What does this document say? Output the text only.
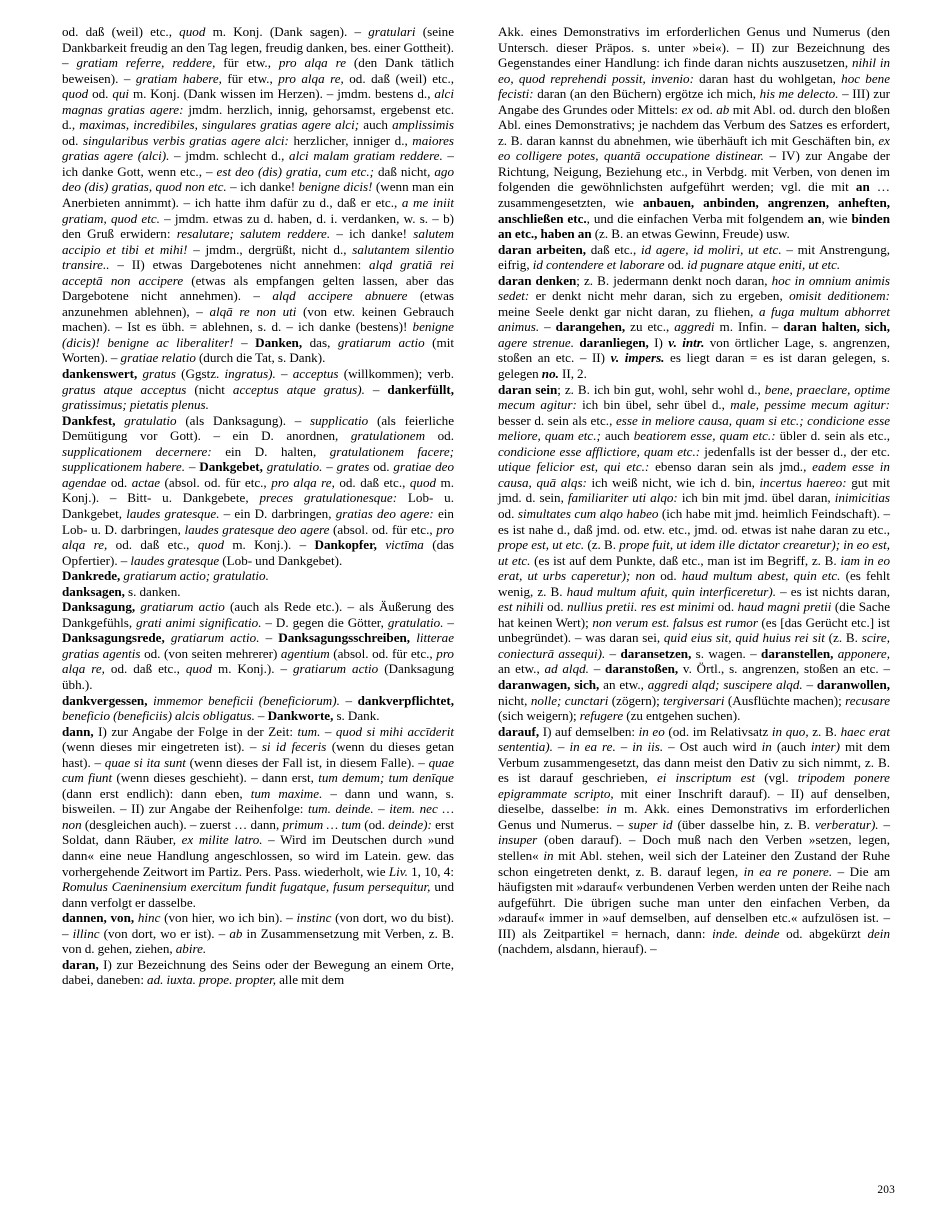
od. daß (weil) etc., quod m. Konj. (Dank sagen). – gratulari (seine Dankbarkeit freudig an den Tag legen, freudig danken, bes. einer Gottheit). – gratiam referre, reddere, für etw., pro alqa re (den Dank tätlich beweisen). – gratiam habere, für etw., pro alqa re, od. daß (weil) etc., quod od. qui m. Konj. (Dank wissen im Herzen). – jmdm. bestens d., alci magnas gratias agere: jmdm. herzlich, innig, gehorsamst, ergebenst etc. d., maximas, incredibiles, singulares gratias agere alci; auch amplissimis od. singularibus verbis gratias agere alci: herzlicher, inniger d., maiores gratias agere (alci). – jmdm. schlecht d., alci malam gratiam reddere. – ich danke Gott, wenn etc., – est deo (dis) gratia, cum etc.; daß nicht, ago deo (dis) gratias, quod non etc. – ich danke! benigne dicis! (wenn man ein Anerbieten annimmt). – ich hatte ihm dafür zu d., daß er etc., a me iniit gratiam, quod etc. – jmdm. etwas zu d. haben, d. i. verdanken, w. s. – b) den Gruß erwidern: resalutare; salutem reddere. – ich danke! salutem accipio et tibi et mihi! – jmdm., dergrüßt, nicht d., salutantem silentio transire.. – II) etwas Dargebotenes nicht annehmen: alqd gratiā rei acceptā non accipere (etwas als empfangen gelten lassen, aber das Dargebotene nicht annehmen). – alqd accipere abnuere (etwas anzunehmen ablehnen), – alqā re non uti (von etw. keinen Gebrauch machen). – Ist es übh. = ablehnen, s. d. – ich danke (bestens)! benigne (dicis)! benigne ac liberaliter! – Danken, das, gratiarum actio (mit Worten). – gratiae relatio (durch die Tat, s. Dank).

dankenswert, gratus (Ggstz. ingratus). – acceptus (willkommen); verb. gratus atque acceptus (nicht acceptus atque gratus). – dankerfüllt, gratissimus; pietatis plenus.

Dankfest, gratulatio (als Danksagung). – supplicatio (als feierliche Demütigung vor Gott). – ein D. anordnen, gratulationem od. supplicationem decernere: ein D. halten, gratulationem facere; supplicationem habere. – Dankgebet, gratulatio. – grates od. gratiae deo agendae od. actae (absol. od. für etc., pro alqa re, od. daß etc., quod m. Konj.). – Bitt- u. Dankgebete, preces gratulationesque: Lob- u. Dankgebet, laudes gratesque. – ein D. darbringen, gratias deo agere: ein Lob- u. D. darbringen, laudes gratesque deo agere (absol. od. für etc., pro alqa re, od. daß etc., quod m. Konj.). – Dankopfer, victīma (das Opfertier). – laudes gratesque (Lob- und Dankgebet).

Dankrede, gratiarum actio; gratulatio.

danksagen, s. danken.

Danksagung, gratiarum actio (auch als Rede etc.). – als Äußerung des Dankgefühls, grati animi significatio. – D. gegen die Götter, gratulatio. – Danksagungsrede, gratiarum actio. – Danksagungsschreiben, litterae gratias agentis od. (von seiten mehrerer) agentium (absol. od. für etc., pro alqa re, od. daß etc., quod m. Konj.). – gratiarum actio (Danksagung übh.).

dankvergessen, immemor beneficii (beneficiorum). – dankverpflichtet, beneficio (beneficiis) alcis obligatus. – Dankworte, s. Dank.

dann, I) zur Angabe der Folge in der Zeit: tum. – quod si mihi accīderit (wenn dieses mir eingetreten ist). – si id feceris (wenn du dieses getan hast). – quae si ita sunt (wenn dieses der Fall ist, in diesem Falle). – quae cum fiunt (wenn dieses geschieht). – dann erst, tum demum; tum denīque (dann erst endlich): dann eben, tum maxime. – dann und wann, s. bisweilen. – II) zur Angabe der Reihenfolge: tum. deinde. – item. nec … non (desgleichen auch). – zuerst … dann, primum … tum (od. deinde): erst Soldat, dann Räuber, ex milite latro. – Wird im Deutschen durch »und dann« eine neue Handlung angeschlossen, so wird im Latein. gew. das vorhergehende Zeitwort im Partiz. Pers. Pass. wiederholt, wie Liv. 1, 10, 4: Romulus Caeninensium exercitum fundit fugatque, fusum persequitur, und dann verfolgt er dasselbe.

dannen, von, hinc (von hier, wo ich bin). – instinc (von dort, wo du bist). – illinc (von dort, wo er ist). – ab in Zusammensetzung mit Verben, z. B. von d. gehen, ziehen, abire.

daran, I) zur Bezeichnung des Seins oder der Bewegung an einem Orte, dabei, daneben: ad. iuxta. prope. propter, alle mit dem

Akk. eines Demonstrativs im erforderlichen Genus und Numerus (den Untersch. dieser Präpos. s. unter »bei«). – II) zur Bezeichnung des Gegenstandes einer Handlung: ich finde daran nichts auszusetzen, nihil in eo, quod reprehendi possit, invenio: daran hast du wohlgetan, hoc bene fecisti: daran (an den Büchern) ergötze ich mich, his me delecto. – III) zur Angabe des Grundes oder Mittels: ex od. ab mit Abl. od. durch den bloßen Abl. eines Demonstrativs; je nachdem das Verbum des Satzes es erfordert, z. B. daran kannst du abnehmen, wie überhäuft ich mit Geschäften bin, ex eo colligere potes, quantā occupatione distinear. – IV) zur Angabe der Richtung, Neigung, Beziehung etc., in Verbdg. mit Verben, von denen im folgenden die gewöhnlichsten aufgeführt werden; vgl. die mit an … zusammengesetzten, wie anbauen, anbinden, angrenzen, anheften, anschließen etc., und die einfachen Verba mit folgendem an, wie binden an etc., haben an (z. B. an etwas Gewinn, Freude) usw.

daran arbeiten, daß etc., id agere, id moliri, ut etc. – mit Anstrengung, eifrig, id contendere et laborare od. id pugnare atque eniti, ut etc.

daran denken; z. B. jedermann denkt noch daran, hoc in omnium animis sedet: er denkt nicht mehr daran, sich zu ergeben, omisit deditionem: meine Seele denkt gar nicht daran, zu fliehen, a fuga multum abhorret animus. – darangehen, zu etc., aggredi m. Infin. – daran halten, sich, agere strenue. daranliegen, I) v. intr. von örtlicher Lage, s. angrenzen, stoßen an etc. – II) v. impers. es liegt daran = es ist daran gelegen, s. gelegen no. II, 2.

daran sein; z. B. ich bin gut, wohl, sehr wohl d., bene, praeclare, optime mecum agitur: ich bin übel, sehr übel d., male, pessime mecum agitur: besser d. sein als etc., esse in meliore causa, quam si etc.; condicione esse meliore, quam etc.; auch beatiorem esse, quam etc.: übler d. sein als etc., condicione esse afflictiore, quam etc.: jedenfalls ist der besser d., der etc. utique felicior est, qui etc.: ebenso daran sein als jmd., eadem esse in causa, quā alqs: ich weiß nicht, wie ich d. bin, incertus haereo: gut mit jmd. d. sein, familiariter uti alqo: ich bin mit jmd. übel daran, inimicitias od. simultates cum alqo habeo (ich habe mit jmd. heimlich Feindschaft). – es ist nahe d., daß jmd. od. etw. etc., jmd. od. etwas ist nahe daran zu etc., prope est, ut etc. (z. B. prope fuit, ut idem ille dictator crearetur); in eo est, ut etc. (es ist auf dem Punkte, daß etc., man ist im Begriff, z. B. iam in eo erat, ut urbs caperetur); non od. haud multum abest, quin etc. (es fehlt wenig, z. B. haud multum afuit, quin interficeretur). – es ist nichts daran, est nihili od. nullius pretii. res est minimi od. haud magni pretii (die Sache hat keinen Wert); non verum est. falsus est rumor (es [das Gerücht etc.] ist unbegründet). – was daran sei, quid eius sit, quid huius rei sit (z. B. scire, coniecturā assequi). – daransetzen, s. wagen. – daranstellen, apponere, an etw., ad alqd. – daranstoßen, v. Örtl., s. angrenzen, stoßen an etc. – daranwagen, sich, an etw., aggredi alqd; suscipere alqd. – daranwollen, nicht, nolle; cunctari (zögern); tergiversari (Ausflüchte machen); recusare (sich weigern); refugere (zu entgehen suchen).

darauf, I) auf demselben: in eo (od. im Relativsatz in quo, z. B. haec erat sententia). – in ea re. – in iis. – Ost auch wird in (auch inter) mit dem Verbum zusammengesetzt, das dann meist den Dativ zu sich nimmt, z. B. es ist darauf geschrieben, ei inscriptum est (vgl. tripodem ponere epigrammate scripto, mit einer Inschrift darauf). – II) auf denselben, dieselbe, dasselbe: in m. Akk. eines Demonstrativs im erforderlichen Genus und Numerus. – super id (über dasselbe hin, z. B. verberatur). – insuper (oben darauf). – Doch muß nach den Verben »setzen, legen, stellen« in mit Abl. stehen, weil sich der Lateiner den Zustand der Ruhe schon eingetreten denkt, z. B. darauf legen, in ea re ponere. – Die am häufigsten mit »darauf« verbundenen Verben werden unten der Reihe nach aufgeführt. Die übrigen suche man unter den einfachen Verben, da »darauf« immer in »auf demselben, auf denselben etc.« aufzulösen ist. – III) als Zeitpartikel = hernach, dann: inde. deinde od. abgekürzt dein (nachdem, alsdann, hierauf). –

203
